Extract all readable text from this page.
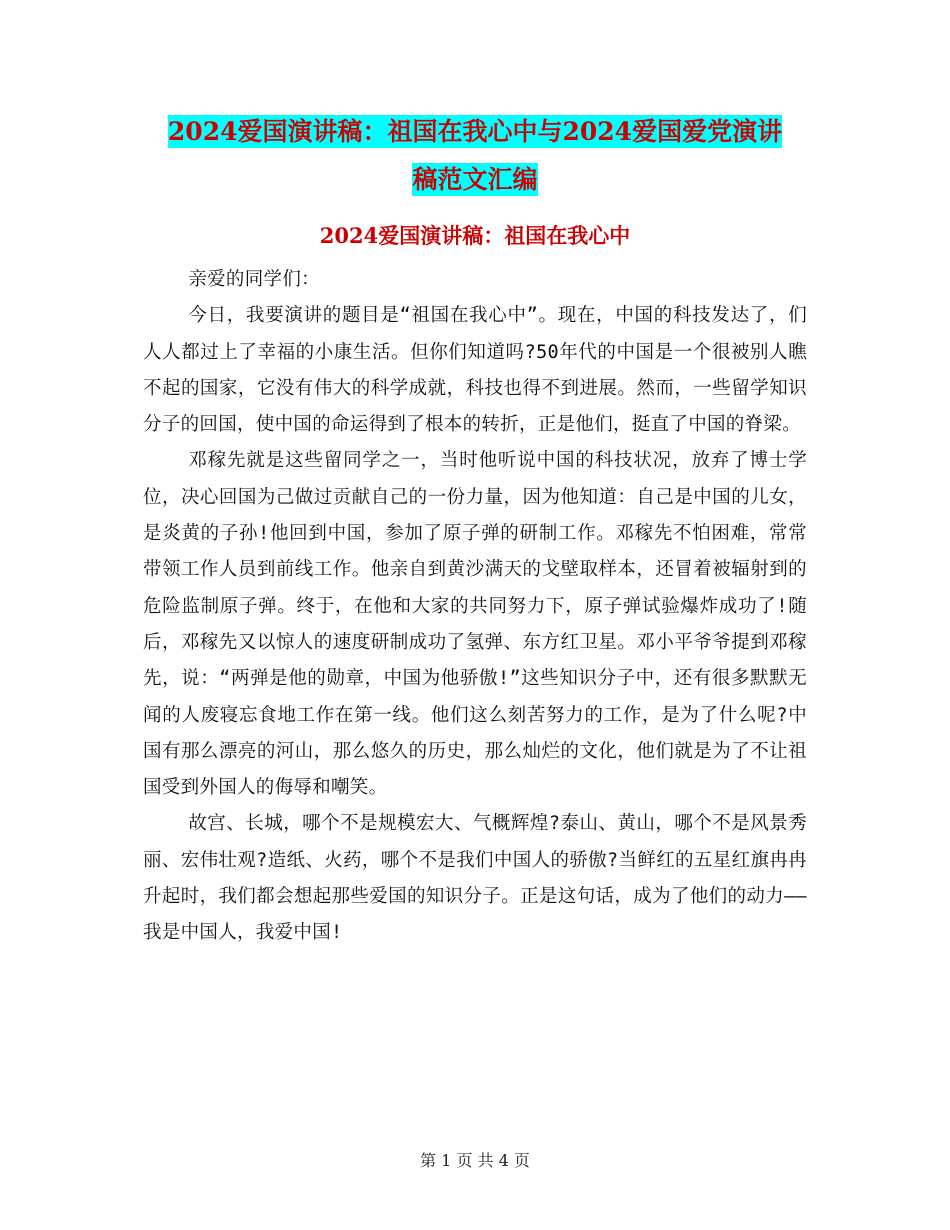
2024爱国演讲稿：祖国在我心中与2024爱国爱党演讲
稿范文汇编
2024爱国演讲稿：祖国在我心中

亲爱的同学们：

今日，我要演讲的题目是“祖国在我心中”。现在，中国的科技发达了，们人人都过上了幸福的小康生活。但你们知道吗?50年代的中国是一个很被别人瞧不起的国家，它没有伟大的科学成就，科技也得不到进展。然而，一些留学知识分子的回国，使中国的命运得到了根本的转折，正是他们，挺直了中国的脊梁。

邓稼先就是这些留同学之一，当时他听说中国的科技状况，放弃了博士学位，决心回国为己做过贡献自己的一份力量，因为他知道：自己是中国的儿女，是炎黄的子孙!他回到中国，参加了原子弹的研制工作。邓稼先不怕困难，常常带领工作人员到前线工作。他亲自到黄沙满天的戈壁取样本，还冒着被辐射到的危险监制原子弹。终于，在他和大家的共同努力下，原子弹试验爆炸成功了!随后，邓稼先又以惊人的速度研制成功了氢弹、东方红卫星。邓小平爷爷提到邓稼先，说：“两弹是他的勋章，中国为他骄傲!”这些知识分子中，还有很多默默无闻的人废寝忘食地工作在第一线。他们这么刻苦努力的工作，是为了什么呢?中国有那么漂亮的河山，那么悠久的历史，那么灿烂的文化，他们就是为了不让祖国受到外国人的侮辱和嘲笑。

故宫、长城，哪个不是规模宏大、气概辉煌?泰山、黄山，哪个不是风景秀丽、宏伟壮观?造纸、火药，哪个不是我们中国人的骄傲?当鲜红的五星红旗冉冉升起时，我们都会想起那些爱国的知识分子。正是这句话，成为了他们的动力——我是中国人，我爱中国!

第 1 页 共 4 页
